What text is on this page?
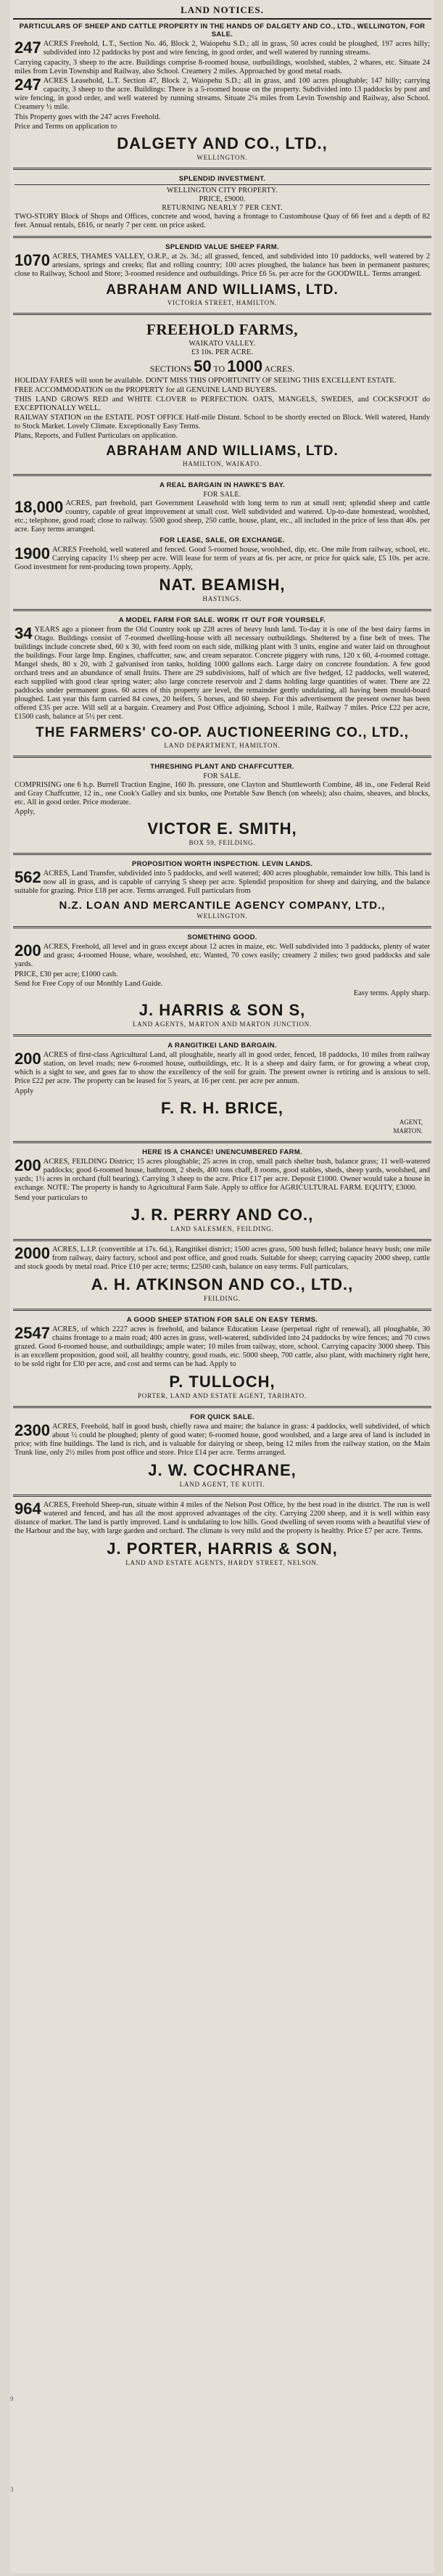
9
3
LAND NOTICES.
PARTICULARS OF SHEEP AND CATTLE PROPERTY IN THE HANDS OF DALGETY AND CO., LTD., WELLINGTON, FOR SALE.
247 ACRES Freehold, L.T., Section No. 46, Block 2, Waiopehu S.D.; all in grass, 50 acres could be ploughed, 197 acres hilly; subdivided into 12 paddocks by post and wire fencing, in good order, and well watered by running streams.
Carrying capacity, 3 sheep to the acre. Buildings comprise 8-roomed house, outbuildings, woolshed, stables, 2 whares, etc. Situate 24 miles from Levin Township and Railway, also School. Creamery 2 miles. Approached by good metal roads.
247 ACRES Leasehold, L.T. Section 47, Block 2, Waiopehu S.D.; all in grass, and 100 acres ploughable; 147 hilly; carrying capacity, 3 sheep to the acre. Buildings: There is a 5-roomed house on the property. Subdivided into 13 paddocks by post and wire fencing, in good order, and well watered by running streams. Situate 2¼ miles from Levin Township and Railway, also School. Creamery ½ mile.
This Property goes with the 247 acres Freehold.
Price and Terms on application to
DALGETY AND CO., LTD.,
WELLINGTON.
SPLENDID INVESTMENT.
WELLINGTON CITY PROPERTY.
PRICE, £9000.
RETURNING NEARLY 7 PER CENT.
TWO-STORY Block of Shops and Offices, concrete and wood, having a frontage to Customhouse Quay of 66 feet and a depth of 82 feet. Annual rentals, £616, or nearly 7 per cent. on price asked.
SPLENDID VALUE SHEEP FARM.
1070 ACRES, THAMES VALLEY, O.R.P., at 2s. 3d.; all grassed, fenced, and subdivided into 10 paddocks, well watered by 2 artesians, springs and creeks; flat and rolling country; 100 acres ploughed, the balance has been in permanent pastures; close to Railway, School and Store; 3-roomed residence and outbuildings. Price £6 5s. per acre for the GOODWILL. Terms arranged.
ABRAHAM AND WILLIAMS, LTD.
VICTORIA STREET, HAMILTON.
FREEHOLD FARMS,
WAIKATO VALLEY.
£3 10s. PER ACRE.
SECTIONS 50 TO 1000 ACRES.
HOLIDAY FARES will soon be available. DON'T MISS THIS OPPORTUNITY OF SEEING THIS EXCELLENT ESTATE.
FREE ACCOMMODATION on the PROPERTY for all GENUINE LAND BUYERS.
THIS LAND GROWS RED and WHITE CLOVER to PERFECTION. OATS, MANGELS, SWEDES, and COCKSFOOT do EXCEPTIONALLY WELL.
RAILWAY STATION on the ESTATE. POST OFFICE Half-mile Distant. School to be shortly erected on Block. Well watered, Handy to Stock Market. Lovely Climate. Exceptionally Easy Terms.
Plans, Reports, and Fullest Particulars on application.
ABRAHAM AND WILLIAMS, LTD.
HAMILTON, WAIKATO.
A REAL BARGAIN IN HAWKE'S BAY.
FOR SALE.
18,000 ACRES, part freehold, part Government Leasehold with long term to run at small rent; splendid sheep and cattle country, capable of great improvement at small cost. Well subdivided and watered. Up-to-date homestead, woolshed, etc.; telephone, good road; close to railway. 5500 good sheep, 250 cattle, house, plant, etc., all included in the price of less than 40s. per acre. Easy terms arranged.
FOR LEASE, SALE, OR EXCHANGE.
1900 ACRES Freehold, well watered and fenced. Good 5-roomed house, woolshed, dip, etc. One mile from railway, school, etc. Carrying capacity 1½ sheep per acre. Will lease for term of years at 6s. per acre, or price for quick sale, £5 10s. per acre. Good investment for rent-producing town property. Apply,
NAT. BEAMISH,
HASTINGS.
A MODEL FARM FOR SALE. WORK IT OUT FOR YOURSELF.
34 YEARS ago a pioneer from the Old Country took up 228 acres of heavy bush land. To-day it is one of the best dairy farms in Otago. Buildings consist of 7-roomed dwelling-house with all necessary outbuildings. Sheltered by a fine belt of trees. The buildings include concrete shed, 60 x 30, with feed room on each side, milking plant with 3 units, engine and water laid on throughout the buildings. Four large Imp. Engines, chaffcutter, saw, and cream separator. Concrete piggery with runs, 120 x 60, 4-roomed cottage. Mangel sheds, 80 x 20, with 2 galvanised iron tanks, holding 1000 gallons each. Large dairy on concrete foundation. A few good orchard trees and an abundance of small fruits. There are 29 subdivisions, half of which are five hedged, 12 paddocks, well watered, each supplied with good clear spring water; also large concrete reservoir and 2 dams holding large quantities of water. There are 22 paddocks under permanent grass. 60 acres of this property are level, the remainder gently undulating, all having been mould-board ploughed. Last year this farm carried 84 cows, 20 heifers, 5 horses, and 60 sheep. For this advertisement the present owner has been offered £35 per acre. Will sell at a bargain. Creamery and Post Office adjoining, School 1 mile, Railway 7 miles. Price £22 per acre, £1500 cash, balance at 5½ per cent.
THE FARMERS' CO-OP. AUCTIONEERING CO., LTD.,
LAND DEPARTMENT, HAMILTON.
THRESHING PLANT AND CHAFFCUTTER.
FOR SALE.
COMPRISING one 6 h.p. Burrell Traction Engine, 160 lb. pressure, one Clayton and Shuttleworth Combine, 48 in., one Federal Reid and Gray Chaffcutter, 12 in., one Cook's Galley and six bunks, one Portable Saw Bench (on wheels); also chains, sheaves, and blocks, etc. All in good order. Price moderate.
Apply,
VICTOR E. SMITH,
BOX 59, FEILDING.
PROPOSITION WORTH INSPECTION. LEVIN LANDS.
562 ACRES, Land Transfer, subdivided into 5 paddocks, and well watered; 400 acres ploughable, remainder low hills. This land is now all in grass, and is capable of carrying 5 sheep per acre. Splendid proposition for sheep and dairying, and the balance suitable for grazing. Price £18 per acre. Terms arranged. Full particulars from
N.Z. LOAN AND MERCANTILE AGENCY COMPANY, LTD.,
WELLINGTON.
SOMETHING GOOD.
200 ACRES, Freehold, all level and in grass except about 12 acres in maize, etc. Well subdivided into 3 paddocks, plenty of water and grass; 4-roomed House, whare, woolshed, etc. Wanted, 70 cows easily; creamery 2 miles; two good paddocks and sale yards.
PRICE, £30 per acre; £1000 cash.
Send for Free Copy of our Monthly Land Guide.
Easy terms. Apply sharp.
J. HARRIS & SON S,
LAND AGENTS, MARTON AND MARTON JUNCTION.
A RANGITIKEI LAND BARGAIN.
200 ACRES of first-class Agricultural Land, all ploughable, nearly all in good order, fenced, 18 paddocks, 10 miles from railway station, on level roads; new 6-roomed house, outbuildings, etc. It is a sheep and dairy farm, or for growing a wheat crop, which is a sight to see, and goes far to show the excellency of the soil for grain. The present owner is retiring and is anxious to sell. Price £22 per acre. The property can be leased for 5 years, at 16 per cent. per acre per annum.
Apply
F. R. H. BRICE,
AGENT,
MARTON.
HERE IS A CHANCE! UNENCUMBERED FARM.
200 ACRES, FEILDING District; 15 acres ploughable; 25 acres in crop, small patch shelter bush, balance grass; 11 well-watered paddocks; good 6-roomed house, bathroom, 2 sheds, 400 tons chaff, 8 rooms, good stables, sheds, sheep yards, woolshed, and yards; 1½ acres in orchard (full bearing). Carrying 3 sheep to the acre. Price £17 per acre. Deposit £1000. Owner would take a house in exchange. NOTE: The property is handy to Agricultural Farm Sale. Apply to office for AGRICULTURAL FARM. EQUITY, £3000.
Send your particulars to
J. R. PERRY AND CO.,
LAND SALESMEN, FEILDING.
2000 ACRES, L.I.P. (convertible at 17s. 6d.), Rangitikei district; 1500 acres grass, 500 bush felled; balance heavy bush; one mile from railway, dairy factory, school and post office, and good roads. Suitable for sheep; carrying capacity 2000 sheep, cattle and stock goods by metal road. Price £10 per acre; terms; £2500 cash, balance on easy terms. Full particulars,
A. H. ATKINSON AND CO., LTD.,
FEILDING.
A GOOD SHEEP STATION FOR SALE ON EASY TERMS.
2547 ACRES, of which 2227 acres is freehold, and balance Education Lease (perpetual right of renewal), all ploughable, 30 chains frontage to a main road; 400 acres in grass, well-watered, subdivided into 24 paddocks by wire fences; and 70 cows grazed. Good 6-roomed house, and outbuildings; ample water; 10 miles from railway, store, school. Carrying capacity 3000 sheep. This is an excellent proposition, good soil, all healthy country, good roads, etc. 5000 sheep, 700 cattle, also plant, with machinery right here, to be sold right for £30 per acre, and cost and terms can be had. Apply to
P. TULLOCH,
PORTER, LAND AND ESTATE AGENT, TARIHATO.
FOR QUICK SALE.
2300 ACRES, Freehold, half in good bush, chiefly rawa and maire; the balance in grass: 4 paddocks, well subdivided, of which about ½ could be ploughed; plenty of good water; 6-roomed house, good woolshed, and a large area of land is included in price; with fine buildings. The land is rich, and is valuable for dairying or sheep, being 12 miles from the railway station, on the Main Trunk line, only 2½ miles from post office and store. Price £14 per acre. Terms arranged.
J. W. COCHRANE,
LAND AGENT, TE KUITI.
964 ACRES, Freehold Sheep-run, situate within 4 miles of the Nelson Post Office, by the best road in the district. The run is well watered and fenced, and has all the most approved advantages of the city. Carrying 2200 sheep, and it is well within easy distance of market. The land is partly improved. Land is undulating to low hills. Good dwelling of seven rooms with a beautiful view of the Harbour and the bay, with large garden and orchard. The climate is very mild and the property is healthy. Price £7 per acre. Terms.
J. PORTER, HARRIS & SON,
LAND AND ESTATE AGENTS, HARDY STREET, NELSON.
